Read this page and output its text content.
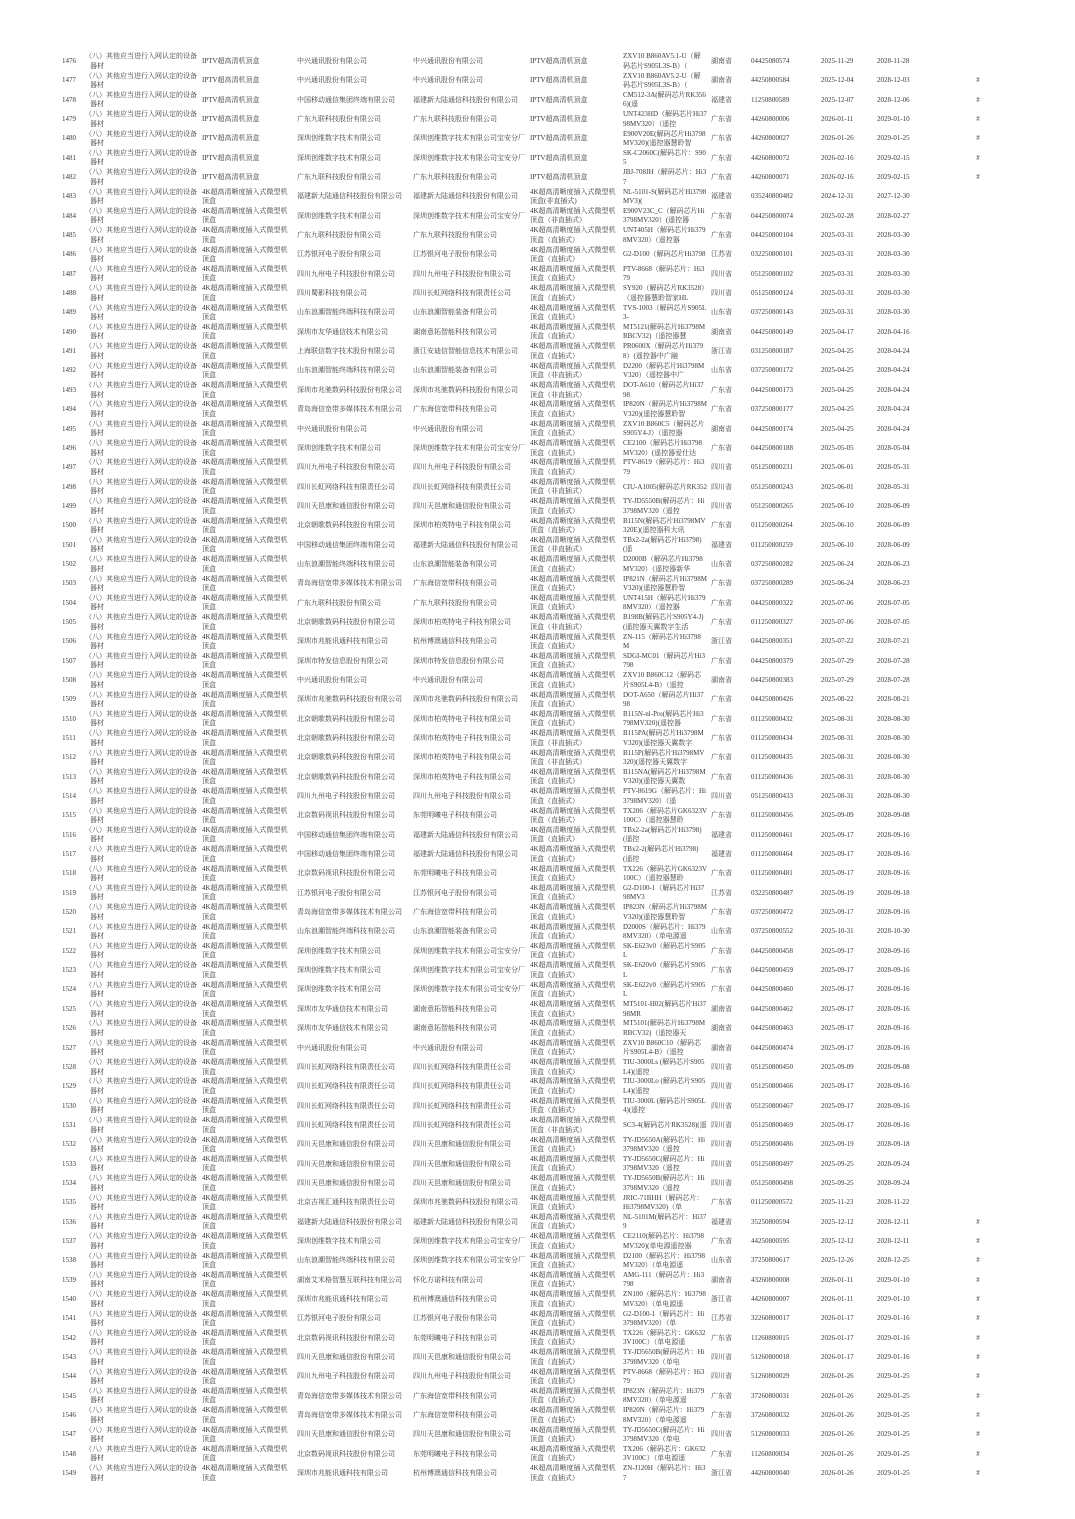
1476	（八）其他应当进行入网认定的设备器材	IPTV超高清机顶盒	中兴通讯股份有限公司	中兴通讯股份有限公司	IPTV超高清机顶盒	ZXV10 B860AV5.1-U（解码芯片S905L3S-B）（	湖南省	04425080574	2025-11-29	2028-11-28	

1477	（八）其他应当进行入网认定的设备器材	IPTV超高清机顶盒	中兴通讯股份有限公司	中兴通讯股份有限公司	IPTV超高清机顶盒	ZXV10 B860AV5.2-U（解码芯片S905L3S-B）（	湖南省	44250800584	2025-12-04	2028-12-03	#

1478	（八）其他应当进行入网认定的设备器材	IPTV超高清机顶盒	中国移动通信集团终端有限公司	福建新大陆通信科技股份有限公司	IPTV超高清机顶盒	CM512-3A(解码芯片RK3566)(遥	福建省	11250800589	2025-12-07	2028-12-06	#

1479	（八）其他应当进行入网认定的设备器材	IPTV超高清机顶盒	广东九联科技股份有限公司	广东九联科技股份有限公司	IPTV超高清机顶盒	UNT423HD（解码芯片Hi3798MV320）（遥控	广东省	44260800006	2026-01-11	2029-01-10	#

1480	（八）其他应当进行入网认定的设备器材	IPTV超高清机顶盒	深圳创维数字技术有限公司	深圳创维数字技术有限公司宝安分厂	IPTV超高清机顶盒	E900V20E(解码芯片Hi3798MV320)(遥控器慧聆智	广东省	44260800027	2026-01-26	2029-01-25	#

1481	（八）其他应当进行入网认定的设备器材	IPTV超高清机顶盒	深圳创维数字技术有限公司	深圳创维数字技术有限公司宝安分厂	IPTV超高清机顶盒	SK-C2060C(解码芯片：S905	广东省	44260800072	2026-02-16	2029-02-15	#

1482	（八）其他应当进行入网认定的设备器材	IPTV超高清机顶盒	广东九联科技股份有限公司	广东九联科技股份有限公司	IPTV超高清机顶盒	JBJ-708JH（解码芯片：Hi37	广东省	44260800071	2026-02-16	2029-02-15	#

1483	（八）其他应当进行入网认定的设备器材	4K超高清晰度插入式微型机顶盒	福建新大陆通信科技股份有限公司	福建新大陆通信科技股份有限公司	4K超高清晰度插入式微型机顶盒(非直插式)	NL-5101-S(解码芯片Hi3798MV3)(	福建省	035240800482	2024-12-31	2027-12-30	

1484	（八）其他应当进行入网认定的设备器材	4K超高清晰度插入式微型机顶盒	深圳创维数字技术有限公司	深圳创维数字技术有限公司宝安分厂	4K超高清晰度插入式微型机顶盒（非直插式）	E900V23C_C（解码芯片Hi3798MV320）(遥控器	广东省	044250800074	2025-02-28	2028-02-27	

1485	（八）其他应当进行入网认定的设备器材	4K超高清晰度插入式微型机顶盒	广东九联科技股份有限公司	广东九联科技股份有限公司	4K超高清晰度插入式微型机顶盒（直插式）	UNT405H（解码芯片Hi3798MV320）（遥控器	广东省	044250800104	2025-03-31	2028-03-30	

1486	（八）其他应当进行入网认定的设备器材	4K超高清晰度插入式微型机顶盒	江苏银河电子股份有限公司	江苏银河电子股份有限公司	4K超高清晰度插入式微型机顶盒（直插式）	G2-D100（解码芯片Hi3798	江苏省	032250800101	2025-03-31	2028-03-30	

1487	（八）其他应当进行入网认定的设备器材	4K超高清晰度插入式微型机顶盒	四川九州电子科技股份有限公司	四川九州电子科技股份有限公司	4K超高清晰度插入式微型机顶盒（直插式）	PTV-8668（解码芯片：Hi379	四川省	051250800102	2025-03-31	2028-03-30	

1488	（八）其他应当进行入网认定的设备器材	4K超高清晰度插入式微型机顶盒	四川蜀影科技有限公司	四川长虹网络科技有限责任公司	4K超高清晰度插入式微型机顶盒（直插式）	SY920（解码芯片RK3528）（遥控器慧聆智家HL	四川省	051250800124	2025-03-31	2028-03-30	

1489	（八）其他应当进行入网认定的设备器材	4K超高清晰度插入式微型机顶盒	山东浪潮智能终端科技有限公司	山东浪潮智能装备有限公司	4K超高清晰度插入式微型机顶盒（直插式）	TVS-1003（解码芯片S905L3-	山东省	037250800143	2025-03-31	2028-03-30	

1490	（八）其他应当进行入网认定的设备器材	4K超高清晰度插入式微型机顶盒	深圳市友华通信技术有限公司	湖南意拓智能科技有限公司	4K超高清晰度插入式微型机顶盒（直插式）	MT5121(解码芯片Hi3798MRBCV32)（遥控器慧	湖南省	044250800149	2025-04-17	2028-04-16	

1491	（八）其他应当进行入网认定的设备器材	4K超高清晰度插入式微型机顶盒	上海联信数字技术股份有限公司	浙江安迪信智能信息技术有限公司	4K超高清晰度插入式微型机顶盒（直插式）	PR0600X（解码芯片Hi3798）(遥控器中广融	浙江省	031250800187	2025-04-25	2028-04-24	

1492	（八）其他应当进行入网认定的设备器材	4K超高清晰度插入式微型机顶盒	山东浪潮智能终端科技有限公司	山东浪潮智能装备有限公司	4K超高清晰度插入式微型机顶盒（非直插式）	D2200（解码芯片Hi3798MV320）（遥控器中广	山东省	037250800172	2025-04-25	2028-04-24	

1493	（八）其他应当进行入网认定的设备器材	4K超高清晰度插入式微型机顶盒	深圳市兆驰数码科技股份有限公司	深圳市兆驰数码科技股份有限公司	4K超高清晰度插入式微型机顶盒（非直插式）	DOT-A610（解码芯片Hi3798	广东省	044250800173	2025-04-25	2028-04-24	

1494	（八）其他应当进行入网认定的设备器材	4K超高清晰度插入式微型机顶盒	青岛海信宽带多媒体技术有限公司	广东海信宽带科技有限公司	4K超高清晰度插入式微型机顶盒（直插式）	IP820N（解码芯片Hi3798MV320)(遥控器慧聆智	广东省	037250800177	2025-04-25	2028-04-24	

1495	（八）其他应当进行入网认定的设备器材	4K超高清晰度插入式微型机顶盒	中兴通讯股份有限公司	中兴通讯股份有限公司	4K超高清晰度插入式微型机顶盒（直插式）	ZXV10 B860C5（解码芯片S905Y4-J）（遥控器	湖南省	044250800174	2025-04-25	2028-04-24	

1496	（八）其他应当进行入网认定的设备器材	4K超高清晰度插入式微型机顶盒	深圳创维数字技术有限公司	深圳创维数字技术有限公司宝安分厂	4K超高清晰度插入式微型机顶盒（直插式）	CE2100（解码芯片Hi3798MV320）(遥控器爱仕达	广东省	044250800188	2025-05-05	2028-05-04	

1497	（八）其他应当进行入网认定的设备器材	4K超高清晰度插入式微型机顶盒	四川九州电子科技股份有限公司	四川九州电子科技股份有限公司	4K超高清晰度插入式微型机顶盒（直插式）	PTV-8619（解码芯片：Hi379	四川省	051250800231	2025-06-01	2028-05-31	

1498	（八）其他应当进行入网认定的设备器材	4K超高清晰度插入式微型机顶盒	四川长虹网络科技有限责任公司	四川长虹网络科技有限责任公司	4K超高清晰度插入式微型机顶盒（非直插式）	CIU-A1005(解码芯片RK352	四川省	051250800243	2025-06-01	2028-05-31	

1499	（八）其他应当进行入网认定的设备器材	4K超高清晰度插入式微型机顶盒	四川天邑康和通信股份有限公司	四川天邑康和通信股份有限公司	4K超高清晰度插入式微型机顶盒（直插式）	TY-JD5550B(解码芯片：Hi3798MV320（遥控	四川省	051250800265	2025-06-10	2028-06-09	

1500	（八）其他应当进行入网认定的设备器材	4K超高清晰度插入式微型机顶盒	北京朝歌数码科技股份有限公司	深圳市柏英特电子科技有限公司	4K超高清晰度插入式微型机顶盒（直插式）	B115N(解码芯片Hi3798MV320E)(遥控器科大讯	广东省	011250800264	2025-06-10	2028-06-09	

1501	（八）其他应当进行入网认定的设备器材	4K超高清晰度插入式微型机顶盒	中国移动通信集团终端有限公司	福建新大陆通信科技股份有限公司	4K超高清晰度插入式微型机顶盒（非直插式）	TBx2-2a(解码芯片Hi3798)(遥	福建省	011250800259	2025-06-10	2028-06-09	

1502	（八）其他应当进行入网认定的设备器材	4K超高清晰度插入式微型机顶盒	山东浪潮智能终端科技有限公司	山东浪潮智能装备有限公司	4K超高清晰度插入式微型机顶盒（直插式）	D2000B（解码芯片Hi3798MV320）（遥控器新华	山东省	037250800282	2025-06-24	2028-06-23	

1503	（八）其他应当进行入网认定的设备器材	4K超高清晰度插入式微型机顶盒	青岛海信宽带多媒体技术有限公司	广东海信宽带科技有限公司	4K超高清晰度插入式微型机顶盒（直插式）	IP821N（解码芯片Hi3798MV320)(遥控器慧聆智	广东省	037250800289	2025-06-24	2028-06-23	

1504	（八）其他应当进行入网认定的设备器材	4K超高清晰度插入式微型机顶盒	广东九联科技股份有限公司	广东九联科技股份有限公司	4K超高清晰度插入式微型机顶盒（直插式）	UNT415H（解码芯片Hi3798MV320）（遥控器	广东省	044250800322	2025-07-06	2028-07-05	

1505	（八）其他应当进行入网认定的设备器材	4K超高清晰度插入式微型机顶盒	北京朝歌数码科技股份有限公司	深圳市柏英特电子科技有限公司	4K超高清晰度插入式微型机顶盒（非直插式）	B198B(解码芯片S905Y4-J)(遥控器天翼数字生活	广东省	011250800327	2025-07-06	2028-07-05	

1506	（八）其他应当进行入网认定的设备器材	4K超高清晰度插入式微型机顶盒	深圳市兆能讯通科技有限公司	杭州博澳通信科技有限公司	4K超高清晰度插入式微型机顶盒（直插式）	ZN-115（解码芯片Hi3798M	浙江省	044250800351	2025-07-22	2028-07-21	

1507	（八）其他应当进行入网认定的设备器材	4K超高清晰度插入式微型机顶盒	深圳市特发信息股份有限公司	深圳市特发信息股份有限公司	4K超高清晰度插入式微型机顶盒（直插式）	SDGI-MC01（解码芯片Hi3798	广东省	044250800379	2025-07-29	2028-07-28	

1508	（八）其他应当进行入网认定的设备器材	4K超高清晰度插入式微型机顶盒	中兴通讯股份有限公司	中兴通讯股份有限公司	4K超高清晰度插入式微型机顶盒（直插式）	ZXV10 B860C12（解码芯片S905L4-B）（遥控	湖南省	044250800383	2025-07-29	2028-07-28	

1509	（八）其他应当进行入网认定的设备器材	4K超高清晰度插入式微型机顶盒	深圳市兆驰数码科技股份有限公司	深圳市兆驰数码科技股份有限公司	4K超高清晰度插入式微型机顶盒（直插式）	DOT-A650（解码芯片Hi3798	广东省	044250800426	2025-08-22	2028-08-21	

1510	（八）其他应当进行入网认定的设备器材	4K超高清晰度插入式微型机顶盒	北京朝歌数码科技股份有限公司	深圳市柏英特电子科技有限公司	4K超高清晰度插入式微型机顶盒（直插式）	B115N-nl-Pro(解码芯片Hi3798MV320)(遥控器	广东省	011250800432	2025-08-31	2028-08-30	

1511	（八）其他应当进行入网认定的设备器材	4K超高清晰度插入式微型机顶盒	北京朝歌数码科技股份有限公司	深圳市柏英特电子科技有限公司	4K超高清晰度插入式微型机顶盒（非直插式）	B115PA(解码芯片Hi3798MV320)(遥控器天翼数字	广东省	011250800434	2025-08-31	2028-08-30	

1512	（八）其他应当进行入网认定的设备器材	4K超高清晰度插入式微型机顶盒	北京朝歌数码科技股份有限公司	深圳市柏英特电子科技有限公司	4K超高清晰度插入式微型机顶盒（非直插式）	B115P(解码芯片Hi3798MV320)(遥控器天翼数字	广东省	011250800435	2025-08-31	2028-08-30	

1513	（八）其他应当进行入网认定的设备器材	4K超高清晰度插入式微型机顶盒	北京朝歌数码科技股份有限公司	深圳市柏英特电子科技有限公司	4K超高清晰度插入式微型机顶盒（直插式）	B115NA(解码芯片Hi3798MV320)(遥控器天翼数	广东省	011250800436	2025-08-31	2028-08-30	

1514	（八）其他应当进行入网认定的设备器材	4K超高清晰度插入式微型机顶盒	四川九州电子科技股份有限公司	四川九州电子科技股份有限公司	4K超高清晰度插入式微型机顶盒（直插式）	PTV-8619G（解码芯片：Hi3798MV320）（遥	四川省	051250800433	2025-08-31	2028-08-30	

1515	（八）其他应当进行入网认定的设备器材	4K超高清晰度插入式微型机顶盒	北京数码视讯科技股份有限公司	东莞明曦电子科技有限公司	4K超高清晰度插入式微型机顶盒（直插式）	TX206（解码芯片GK6323V100C）（遥控器慧聆	广东省	011250800456	2025-09-09	2028-09-08	

1516	（八）其他应当进行入网认定的设备器材	4K超高清晰度插入式微型机顶盒	中国移动通信集团终端有限公司	福建新大陆通信科技股份有限公司	4K超高清晰度插入式微型机顶盒（直插式）	TBx2-2a(解码芯片Hi3798)(遥控	福建省	011250800461	2025-09-17	2028-09-16	

1517	（八）其他应当进行入网认定的设备器材	4K超高清晰度插入式微型机顶盒	中国移动通信集团终端有限公司	福建新大陆通信科技股份有限公司	4K超高清晰度插入式微型机顶盒（直插式）	TBx2-2(解码芯片Hi3798)(遥控	福建省	011250800464	2025-09-17	2028-09-16	

1518	（八）其他应当进行入网认定的设备器材	4K超高清晰度插入式微型机顶盒	北京数码视讯科技股份有限公司	东莞明曦电子科技有限公司	4K超高清晰度插入式微型机顶盒（直插式）	TX226（解码芯片GK6323V100C）（遥控器慧聆	广东省	011250800481	2025-09-17	2028-09-16	

1519	（八）其他应当进行入网认定的设备器材	4K超高清晰度插入式微型机顶盒	江苏银河电子股份有限公司	江苏银河电子股份有限公司	4K超高清晰度插入式微型机顶盒（直插式）	G2-D100-1（解码芯片Hi3798MV3	江苏省	032250800487	2025-09-19	2028-09-18	

1520	（八）其他应当进行入网认定的设备器材	4K超高清晰度插入式微型机顶盒	青岛海信宽带多媒体技术有限公司	广东海信宽带科技有限公司	4K超高清晰度插入式微型机顶盒（直插式）	IP823N（解码芯片Hi3798MV320)(遥控器慧聆智	广东省	037250800472	2025-09-17	2028-09-16	

1521	（八）其他应当进行入网认定的设备器材	4K超高清晰度插入式微型机顶盒	山东浪潮智能终端科技有限公司	山东浪潮智能装备有限公司	4K超高清晰度插入式微型机顶盒（直插式）	D2000S（解码芯片：Hi3798MV320）（单电源遥	山东省	037250800552	2025-10-31	2028-10-30	

1522	（八）其他应当进行入网认定的设备器材	4K超高清晰度插入式微型机顶盒	深圳创维数字技术有限公司	深圳创维数字技术有限公司宝安分厂	4K超高清晰度插入式微型机顶盒（直插式）	SK-E623v0（解码芯片S905L	广东省	044250800458	2025-09-17	2028-09-16	

1523	（八）其他应当进行入网认定的设备器材	4K超高清晰度插入式微型机顶盒	深圳创维数字技术有限公司	深圳创维数字技术有限公司宝安分厂	4K超高清晰度插入式微型机顶盒（直插式）	SK-E620v0（解码芯片S905L	广东省	044250800459	2025-09-17	2028-09-16	

1524	（八）其他应当进行入网认定的设备器材	4K超高清晰度插入式微型机顶盒	深圳创维数字技术有限公司	深圳创维数字技术有限公司宝安分厂	4K超高清晰度插入式微型机顶盒（直插式）	SK-E622v0（解码芯片S905L	广东省	044250800460	2025-09-17	2028-09-16	

1525	（八）其他应当进行入网认定的设备器材	4K超高清晰度插入式微型机顶盒	深圳市友华通信技术有限公司	湖南意拓智能科技有限公司	4K超高清晰度插入式微型机顶盒（直插式）	MT5101-H02(解码芯片Hi3798MR	湖南省	044250800462	2025-09-17	2028-09-16	

1526	（八）其他应当进行入网认定的设备器材	4K超高清晰度插入式微型机顶盒	深圳市友华通信技术有限公司	湖南意拓智能科技有限公司	4K超高清晰度插入式微型机顶盒（直插式）	MT5101(解码芯片Hi3798MRBCV32)（遥控器天	湖南省	044250800463	2025-09-17	2028-09-16	

1527	（八）其他应当进行入网认定的设备器材	4K超高清晰度插入式微型机顶盒	中兴通讯股份有限公司	中兴通讯股份有限公司	4K超高清晰度插入式微型机顶盒（直插式）	ZXV10 B860C10（解码芯片S905L4-B）（遥控	湖南省	044250800474	2025-09-17	2028-09-16	

1528	（八）其他应当进行入网认定的设备器材	4K超高清晰度插入式微型机顶盒	四川长虹网络科技有限责任公司	四川长虹网络科技有限责任公司	4K超高清晰度插入式微型机顶盒（直插式）	TIU-3000Ls (解码芯片S905L4)(遥控	四川省	051250800450	2025-09-09	2028-09-08	

1529	（八）其他应当进行入网认定的设备器材	4K超高清晰度插入式微型机顶盒	四川长虹网络科技有限责任公司	四川长虹网络科技有限责任公司	4K超高清晰度插入式微型机顶盒（直插式）	TIU-3000Lo (解码芯片S905L4)(遥控	四川省	051250800466	2025-09-17	2028-09-16	

1530	（八）其他应当进行入网认定的设备器材	4K超高清晰度插入式微型机顶盒	四川长虹网络科技有限责任公司	四川长虹网络科技有限责任公司	4K超高清晰度插入式微型机顶盒（直插式）	TIU-3000L (解码芯片S905L4)(遥控	四川省	051250800467	2025-09-17	2028-09-16	

1531	（八）其他应当进行入网认定的设备器材	4K超高清晰度插入式微型机顶盒	四川长虹网络科技有限责任公司	四川长虹网络科技有限责任公司	4K超高清晰度插入式微型机顶盒（非直插式）	SC3-4(解码芯片RK3528)(遥	四川省	051250800469	2025-09-17	2028-09-16	

1532	（八）其他应当进行入网认定的设备器材	4K超高清晰度插入式微型机顶盒	四川天邑康和通信股份有限公司	四川天邑康和通信股份有限公司	4K超高清晰度插入式微型机顶盒（直插式）	TY-JD5650A(解码芯片：Hi3798MV320（遥控	四川省	051250800486	2025-09-19	2028-09-18	

1533	（八）其他应当进行入网认定的设备器材	4K超高清晰度插入式微型机顶盒	四川天邑康和通信股份有限公司	四川天邑康和通信股份有限公司	4K超高清晰度插入式微型机顶盒（直插式）	TY-JD5650C(解码芯片：Hi3798MV320（遥控	四川省	051250800497	2025-09-25	2028-09-24	

1534	（八）其他应当进行入网认定的设备器材	4K超高清晰度插入式微型机顶盒	四川天邑康和通信股份有限公司	四川天邑康和通信股份有限公司	4K超高清晰度插入式微型机顶盒（直插式）	TY-JD5650B(解码芯片：Hi3798MV320（遥控	四川省	051250800498	2025-09-25	2028-09-24	

1535	（八）其他应当进行入网认定的设备器材	4K超高清晰度插入式微型机顶盒	北京吉视汇通科技有限责任公司	深圳市兆驰数码科技股份有限公司	4K超高清晰度插入式微型机顶盒（直插式）	JRIC-71BHH（解码芯片：Hi3798MV320)（单	广东省	011250800572	2025-11-23	2028-11-22	

1536	（八）其他应当进行入网认定的设备器材	4K超高清晰度插入式微型机顶盒	福建新大陆通信科技股份有限公司	福建新大陆通信科技股份有限公司	4K超高清晰度插入式微型机顶盒（直插式）	NL-5101M(解码芯片：Hi379	福建省	35250800594	2025-12-12	2028-12-11	#

1537	（八）其他应当进行入网认定的设备器材	4K超高清晰度插入式微型机顶盒	深圳创维数字技术有限公司	深圳创维数字技术有限公司宝安分厂	4K超高清晰度插入式微型机顶盒（直插式）	CE2110(解码芯片：Hi3798MV320)(单电源遥控器	广东省	44250800595	2025-12-12	2028-12-11	#

1538	（八）其他应当进行入网认定的设备器材	4K超高清晰度插入式微型机顶盒	山东浪潮智能终端科技有限公司	深圳创维数字技术有限公司宝安分厂	4K超高清晰度插入式微型机顶盒（直插式）	D2100（解码芯片：Hi3798MV320）（单电源遥	山东省	37250800617	2025-12-26	2028-12-25	#

1539	（八）其他应当进行入网认定的设备器材	4K超高清晰度插入式微型机顶盒	湖南艾米格智慧互联科技有限公司	怀化方诺科技有限公司	4K超高清晰度插入式微型机顶盒（直插式）	AMG-111（解码芯片：Hi3798	湖南省	43260800008	2026-01-11	2029-01-10	#

1540	（八）其他应当进行入网认定的设备器材	4K超高清晰度插入式微型机顶盒	深圳市兆能讯通科技有限公司	杭州博澳通信科技有限公司	4K超高清晰度插入式微型机顶盒（直插式）	ZN100（解码芯片：Hi3798MV320）（单电源遥	浙江省	44260800007	2026-01-11	2029-01-10	#

1541	（八）其他应当进行入网认定的设备器材	4K超高清晰度插入式微型机顶盒	江苏银河电子股份有限公司	江苏银河电子股份有限公司	4K超高清晰度插入式微型机顶盒（直插式）	G2-D100-1（解码芯片：Hi3798MV320）（单	江苏省	32260800017	2026-01-17	2029-01-16	#

1542	（八）其他应当进行入网认定的设备器材	4K超高清晰度插入式微型机顶盒	北京数码视讯科技股份有限公司	东莞明曦电子科技有限公司	4K超高清晰度插入式微型机顶盒（直插式）	TX226（解码芯片：GK6323V100C）（单电源遥	广东省	11260800015	2026-01-17	2029-01-16	#

1543	（八）其他应当进行入网认定的设备器材	4K超高清晰度插入式微型机顶盒	四川天邑康和通信股份有限公司	四川天邑康和通信股份有限公司	4K超高清晰度插入式微型机顶盒（直插式）	TY-JD5650B(解码芯片：Hi3798MV320（单电	四川省	51260800018	2026-01-17	2029-01-16	#

1544	（八）其他应当进行入网认定的设备器材	4K超高清晰度插入式微型机顶盒	四川九州电子科技股份有限公司	四川九州电子科技股份有限公司	4K超高清晰度插入式微型机顶盒（直插式）	PTV-8668（解码芯片：Hi379	四川省	51260800029	2026-01-26	2029-01-25	#

1545	（八）其他应当进行入网认定的设备器材	4K超高清晰度插入式微型机顶盒	青岛海信宽带多媒体技术有限公司	广东海信宽带科技有限公司	4K超高清晰度插入式微型机顶盒（直插式）	IP823N（解码芯片：Hi3798MV320）（单电源遥	广东省	37260800031	2026-01-26	2029-01-25	#

1546	（八）其他应当进行入网认定的设备器材	4K超高清晰度插入式微型机顶盒	青岛海信宽带多媒体技术有限公司	广东海信宽带科技有限公司	4K超高清晰度插入式微型机顶盒（直插式）	IP820N（解码芯片：Hi3798MV320）（单电源遥	广东省	37260800032	2026-01-26	2029-01-25	#

1547	（八）其他应当进行入网认定的设备器材	4K超高清晰度插入式微型机顶盒	四川天邑康和通信股份有限公司	四川天邑康和通信股份有限公司	4K超高清晰度插入式微型机顶盒（直插式）	TY-JD5650C(解码芯片：Hi3798MV320（单电	四川省	51260800033	2026-01-26	2029-01-25	#

1548	（八）其他应当进行入网认定的设备器材	4K超高清晰度插入式微型机顶盒	北京数码视讯科技股份有限公司	东莞明曦电子科技有限公司	4K超高清晰度插入式微型机顶盒（直插式）	TX206（解码芯片：GK6323V100C）（单电源遥	广东省	11260800034	2026-01-26	2029-01-25	#

1549	（八）其他应当进行入网认定的设备器材	4K超高清晰度插入式微型机顶盒	深圳市兆能讯通科技有限公司	杭州博澳通信科技有限公司	4K超高清晰度插入式微型机顶盒（直插式）	ZN-J120H（解码芯片：Hi37	浙江省	44260800040	2026-01-26	2029-01-25	#
